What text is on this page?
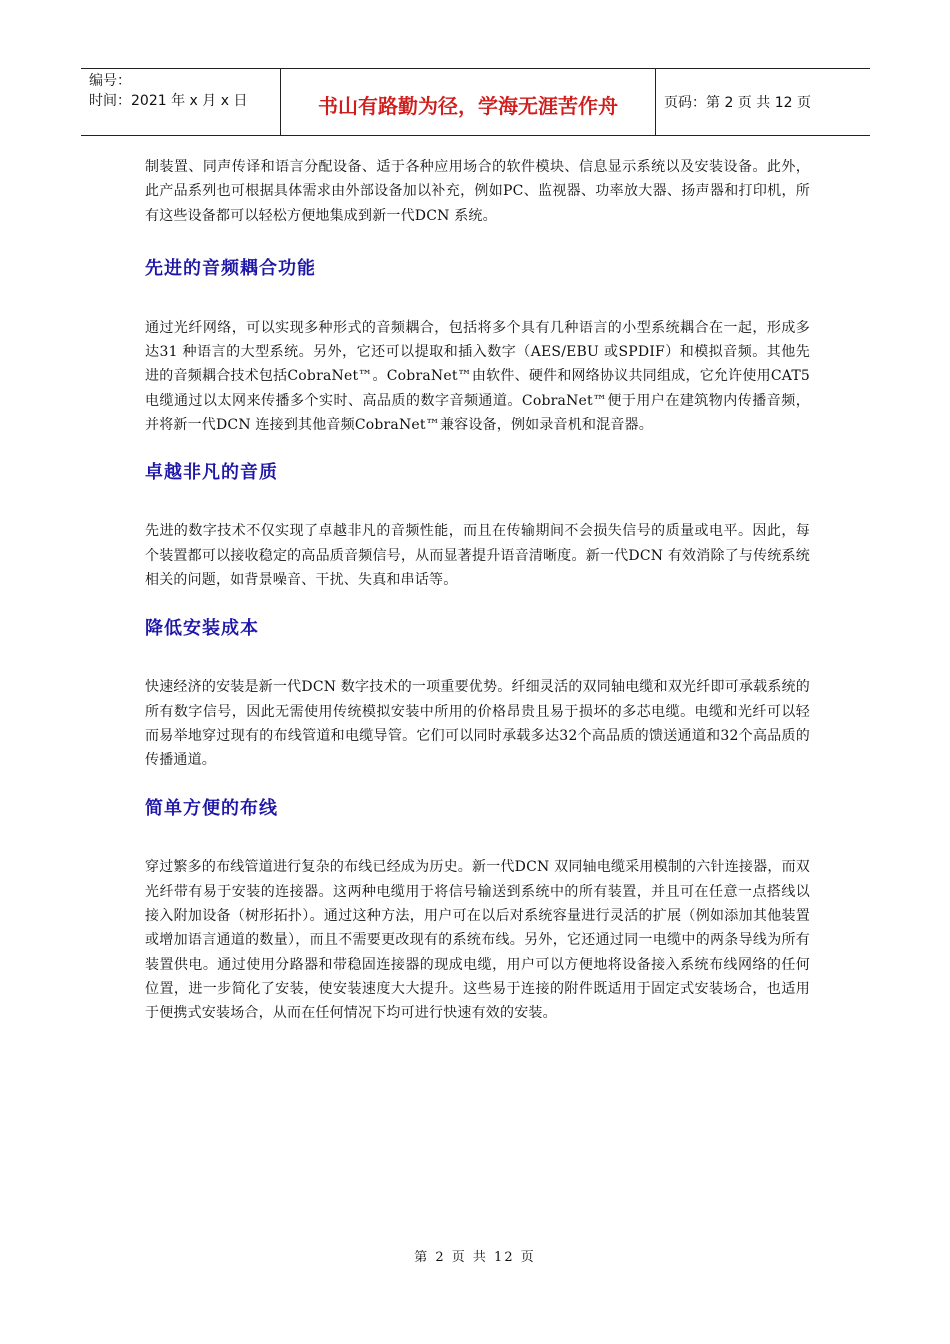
编号：
时间：2021 年 x 月 x 日	书山有路勤为径，学海无涯苦作舟	页码：第 2 页 共 12 页

制装置、同声传译和语言分配设备、适于各种应用场合的软件模块、信息显示系统以及安装设备。此外，此产品系列也可根据具体需求由外部设备加以补充，例如PC、监视器、功率放大器、扬声器和打印机，所有这些设备都可以轻松方便地集成到新一代DCN 系统。

先进的音频耦合功能

通过光纤网络，可以实现多种形式的音频耦合，包括将多个具有几种语言的小型系统耦合在一起，形成多达31 种语言的大型系统。另外，它还可以提取和插入数字（AES/EBU 或SPDIF）和模拟音频。其他先进的音频耦合技术包括CobraNet™。CobraNet™由软件、硬件和网络协议共同组成，它允许使用CAT5 电缆通过以太网来传播多个实时、高品质的数字音频通道。CobraNet™便于用户在建筑物内传播音频，并将新一代DCN 连接到其他音频CobraNet™兼容设备，例如录音机和混音器。

卓越非凡的音质

先进的数字技术不仅实现了卓越非凡的音频性能，而且在传输期间不会损失信号的质量或电平。因此，每个装置都可以接收稳定的高品质音频信号，从而显著提升语音清晰度。新一代DCN 有效消除了与传统系统相关的问题，如背景噪音、干扰、失真和串话等。

降低安装成本

快速经济的安装是新一代DCN 数字技术的一项重要优势。纤细灵活的双同轴电缆和双光纤即可承载系统的所有数字信号，因此无需使用传统模拟安装中所用的价格昂贵且易于损坏的多芯电缆。电缆和光纤可以轻而易举地穿过现有的布线管道和电缆导管。它们可以同时承载多达32个高品质的馈送通道和32个高品质的传播通道。

简单方便的布线

穿过繁多的布线管道进行复杂的布线已经成为历史。新一代DCN 双同轴电缆采用模制的六针连接器，而双光纤带有易于安装的连接器。这两种电缆用于将信号输送到系统中的所有装置，并且可在任意一点搭线以接入附加设备（树形拓扑）。通过这种方法，用户可在以后对系统容量进行灵活的扩展（例如添加其他装置或增加语言通道的数量），而且不需要更改现有的系统布线。另外，它还通过同一电缆中的两条导线为所有装置供电。通过使用分路器和带稳固连接器的现成电缆，用户可以方便地将设备接入系统布线网络的任何位置，进一步简化了安装，使安装速度大大提升。这些易于连接的附件既适用于固定式安装场合，也适用于便携式安装场合，从而在任何情况下均可进行快速有效的安装。

第 2 页 共 12 页
